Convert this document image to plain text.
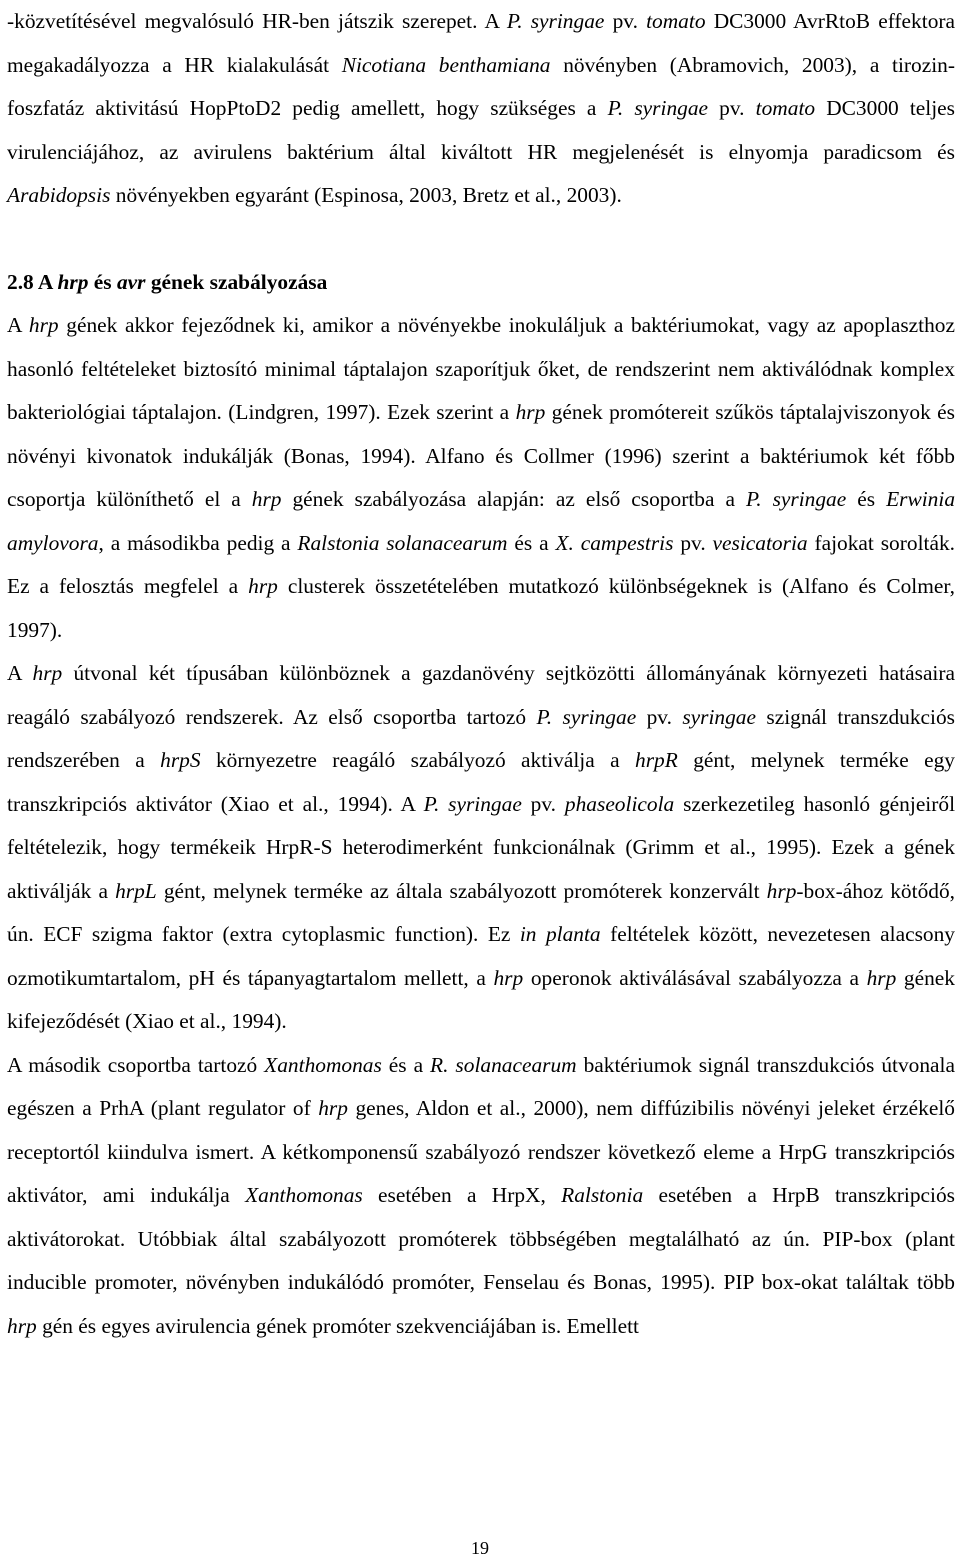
-közvetítésével megvalósuló HR-ben játszik szerepet. A P. syringae pv. tomato DC3000 AvrRtoB effektora megakadályozza a HR kialakulását Nicotiana benthamiana növényben (Abramovich, 2003), a tirozin-foszfatáz aktivitású HopPtoD2 pedig amellett, hogy szükséges a P. syringae pv. tomato DC3000 teljes virulenciájához, az avirulens baktérium által kiváltott HR megjelenését is elnyomja paradicsom és Arabidopsis növényekben egyaránt (Espinosa, 2003, Bretz et al., 2003).

2.8 A hrp és avr gének szabályozása

A hrp gének akkor fejeződnek ki, amikor a növényekbe inokuláljuk a baktériumokat, vagy az apoplaszthoz hasonló feltételeket biztosító minimal táptalajon szaporítjuk őket, de rendszerint nem aktiválódnak komplex bakteriológiai táptalajon. (Lindgren, 1997). Ezek szerint a hrp gének promótereit szűkös táptalajviszonyok és növényi kivonatok indukálják (Bonas, 1994). Alfano és Collmer (1996) szerint a baktériumok két főbb csoportja különíthető el a hrp gének szabályozása alapján: az első csoportba a P. syringae és Erwinia amylovora, a másodikba pedig a Ralstonia solanacearum és a X. campestris pv. vesicatoria fajokat sorolták. Ez a felosztás megfelel a hrp clusterek összetételében mutatkozó különbségeknek is (Alfano és Colmer, 1997).

A hrp útvonal két típusában különböznek a gazdanövény sejtközötti állományának környezeti hatásaira reagáló szabályozó rendszerek. Az első csoportba tartozó P. syringae pv. syringae szignál transzdukciós rendszerében a hrpS környezetre reagáló szabályozó aktiválja a hrpR gént, melynek terméke egy transzkripciós aktivátor (Xiao et al., 1994). A P. syringae pv. phaseolicola szerkezetileg hasonló génjeiről feltételezik, hogy termékeik HrpR-S heterodimerként funkcionálnak (Grimm et al., 1995). Ezek a gének aktiválják a hrpL gént, melynek terméke az általa szabályozott promóterek konzervált hrp-box-ához kötődő, ún. ECF szigma faktor (extra cytoplasmic function). Ez in planta feltételek között, nevezetesen alacsony ozmotikumtartalom, pH és tápanyagtartalom mellett, a hrp operonok aktiválásával szabályozza a hrp gének kifejeződését (Xiao et al., 1994).

A második csoportba tartozó Xanthomonas és a R. solanacearum baktériumok signál transzdukciós útvonala egészen a PrhA (plant regulator of hrp genes, Aldon et al., 2000), nem diffúzibilis növényi jeleket érzékelő receptortól kiindulva ismert. A kétkomponensű szabályozó rendszer következő eleme a HrpG transzkripciós aktivátor, ami indukálja Xanthomonas esetében a HrpX, Ralstonia esetében a HrpB transzkripciós aktivátorokat. Utóbbiak által szabályozott promóterek többségében megtalálható az ún. PIP-box (plant inducible promoter, növényben indukálódó promóter, Fenselau és Bonas, 1995). PIP box-okat találtak több hrp gén és egyes avirulencia gének promóter szekvenciájában is. Emellett

19
